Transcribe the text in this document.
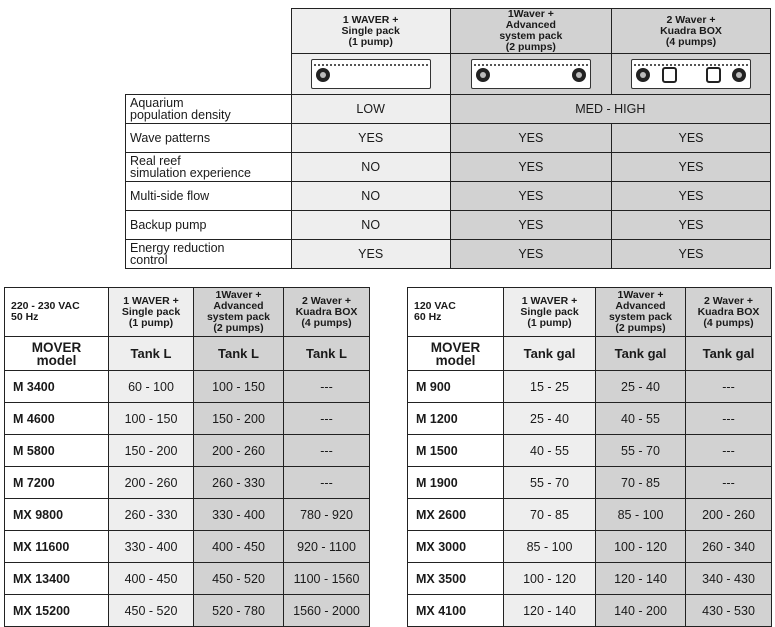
	1 WAVER +
Single pack
(1 pump)	1Waver +
Advanced
system pack
(2 pumps)	2 Waver +
Kuadra BOX
(4 pumps)

Aquarium
population density	LOW	MED - HIGH	
Wave patterns	YES	YES	YES
Real reef
simulation experience	NO	YES	YES
Multi-side flow	NO	YES	YES
Backup pump	NO	YES	YES
Energy reduction
control	YES	YES	YES
220 - 230 VAC
50 Hz	1 WAVER +
Single pack
(1 pump)	1Waver +
Advanced
system pack
(2 pumps)	2 Waver +
Kuadra BOX
(4 pumps)
MOVER
model	Tank L	Tank L	Tank L
M 3400	60 - 100	100 - 150	---
M 4600	100 - 150	150 - 200	---
M 5800	150 - 200	200 - 260	---
M 7200	200 - 260	260 - 330	---
MX 9800	260 - 330	330 - 400	780 - 920
MX 11600	330 - 400	400 - 450	920 - 1100
MX 13400	400 - 450	450 - 520	1100 - 1560
MX 15200	450 - 520	520 - 780	1560 - 2000
120 VAC
60 Hz	1 WAVER +
Single pack
(1 pump)	1Waver +
Advanced
system pack
(2 pumps)	2 Waver +
Kuadra BOX
(4 pumps)
MOVER
model	Tank gal	Tank gal	Tank gal
M 900	15 - 25	25 - 40	---
M 1200	25 - 40	40 - 55	---
M 1500	40 - 55	55 - 70	---
M 1900	55 - 70	70 - 85	---
MX 2600	70 - 85	85 - 100	200 - 260
MX 3000	85 - 100	100 - 120	260 - 340
MX 3500	100 - 120	120 - 140	340 - 430
MX 4100	120 - 140	140 - 200	430 - 530
